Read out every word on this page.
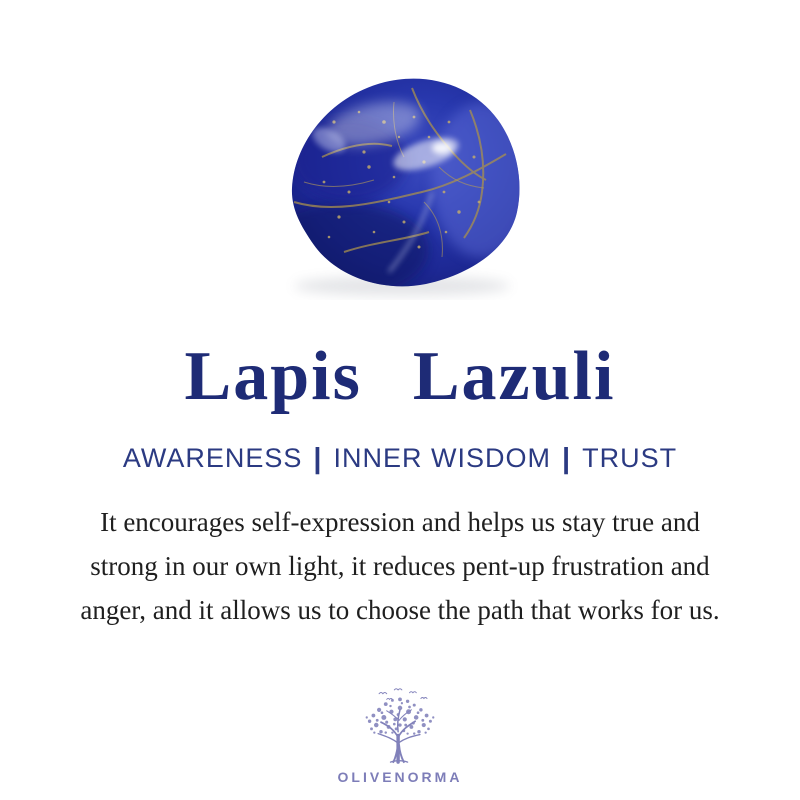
Lapis Lazuli
AWARENESS | INNER WISDOM | TRUST

It encourages self-expression and helps us stay true and
strong in our own light, it reduces pent-up frustration and
anger, and it allows us to choose the path that works for us.

OLIVENORMA
